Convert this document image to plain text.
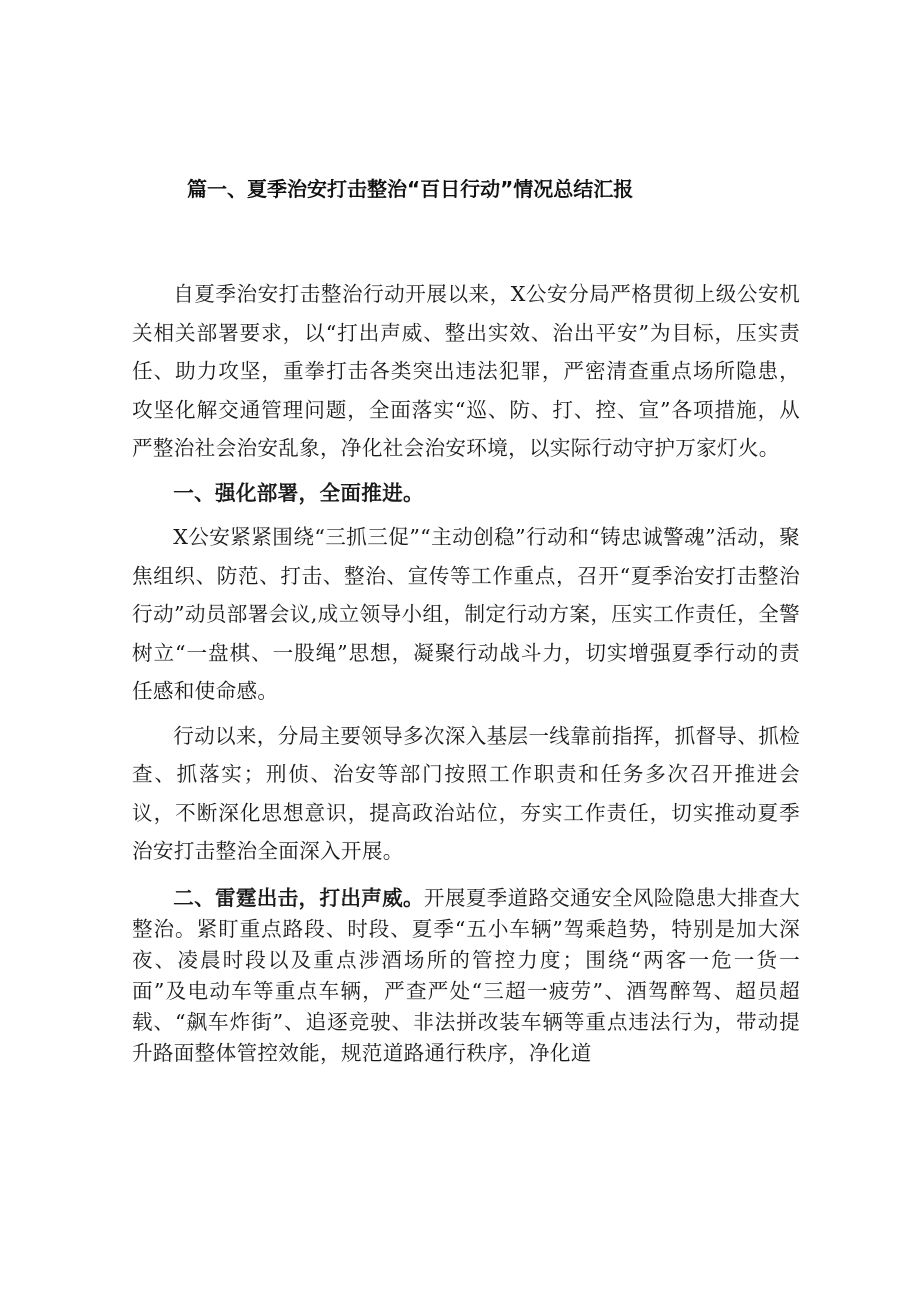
篇一、夏季治安打击整治“百日行动”情况总结汇报

自夏季治安打击整治行动开展以来，X公安分局严格贯彻上级公安机关相关部署要求，以“打出声威、整出实效、治出平安”为目标，压实责任、助力攻坚，重拳打击各类突出违法犯罪，严密清查重点场所隐患，攻坚化解交通管理问题，全面落实“巡、防、打、控、宣”各项措施，从严整治社会治安乱象，净化社会治安环境，以实际行动守护万家灯火。

一、强化部署，全面推进。

X公安紧紧围绕“三抓三促”“主动创稳”行动和“铸忠诚警魂”活动，聚焦组织、防范、打击、整治、宣传等工作重点，召开“夏季治安打击整治行动”动员部署会议,成立领导小组，制定行动方案，压实工作责任，全警树立“一盘棋、一股绳”思想，凝聚行动战斗力，切实增强夏季行动的责任感和使命感。

行动以来，分局主要领导多次深入基层一线靠前指挥，抓督导、抓检查、抓落实；刑侦、治安等部门按照工作职责和任务多次召开推进会议，不断深化思想意识，提高政治站位，夯实工作责任，切实推动夏季治安打击整治全面深入开展。

二、雷霆出击，打出声威。开展夏季道路交通安全风险隐患大排查大整治。紧盯重点路段、时段、夏季“五小车辆”驾乘趋势，特别是加大深夜、凌晨时段以及重点涉酒场所的管控力度；围绕“两客一危一货一面”及电动车等重点车辆，严查严处“三超一疲劳”、酒驾醉驾、超员超载、“飙车炸街”、追逐竞驶、非法拼改装车辆等重点违法行为，带动提升路面整体管控效能，规范道路通行秩序，净化道
